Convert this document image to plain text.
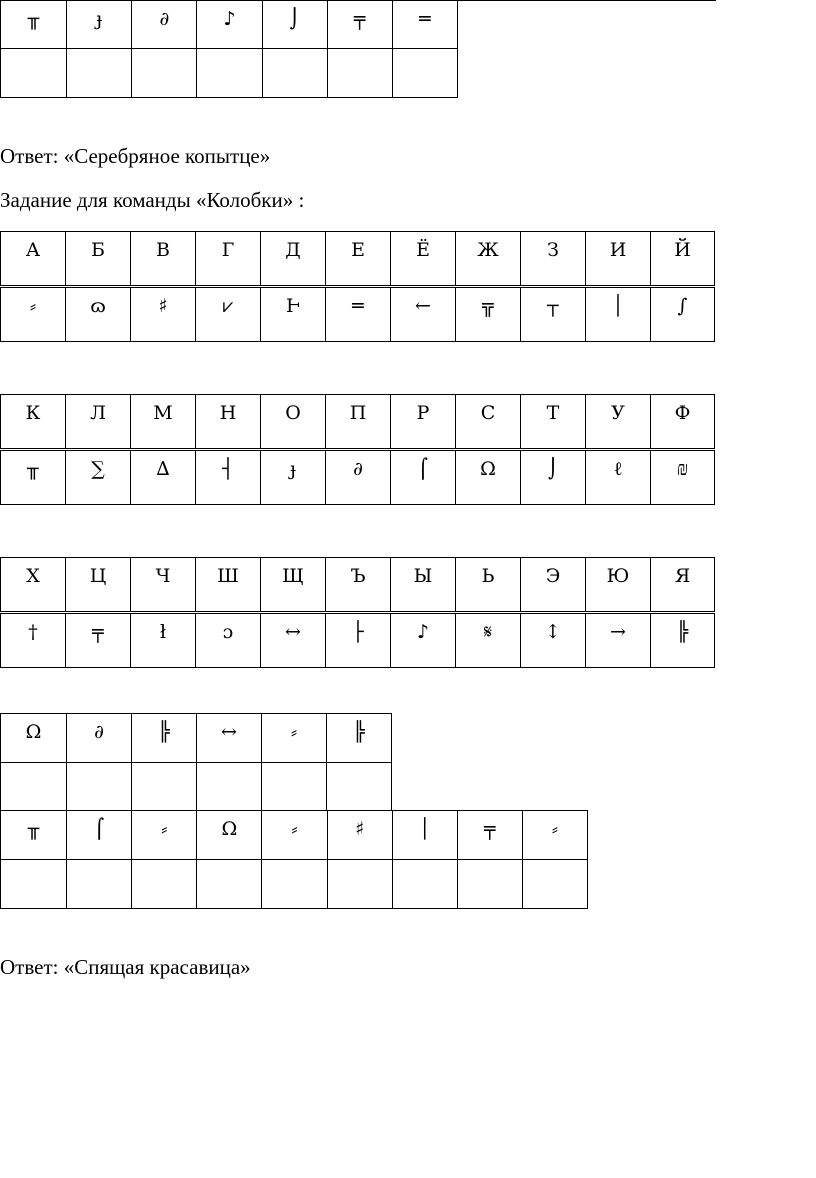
╥	ɟ	∂	♪	⌡	╤	═

Ответ: «Серебряное копытце»
Задание для команды «Колобки» :
А	Б	В	Г	Д	Е	Ё	Ж	З	И	Й

⸗	ɷ	♯	⩗	Ͱ	═	←	╦	┬	│	∫
К	Л	М	Н	О	П	Р	С	Т	У	Ф

╥	∑	∆	┤	ɟ	∂	⌠	Ω	⌡	ℓ	₪
Х	Ц	Ч	Ш	Щ	Ъ	Ы	Ь	Э	Ю	Я

†	╤	ł	ɔ	↔	├	♪	𝄋	↕	→	╠
Ω	∂	╠	↔	⸗	╠

╥	⌠	⸗	Ω	⸗	♯	│	╤	⸗

Ответ: «Спящая красавица»
